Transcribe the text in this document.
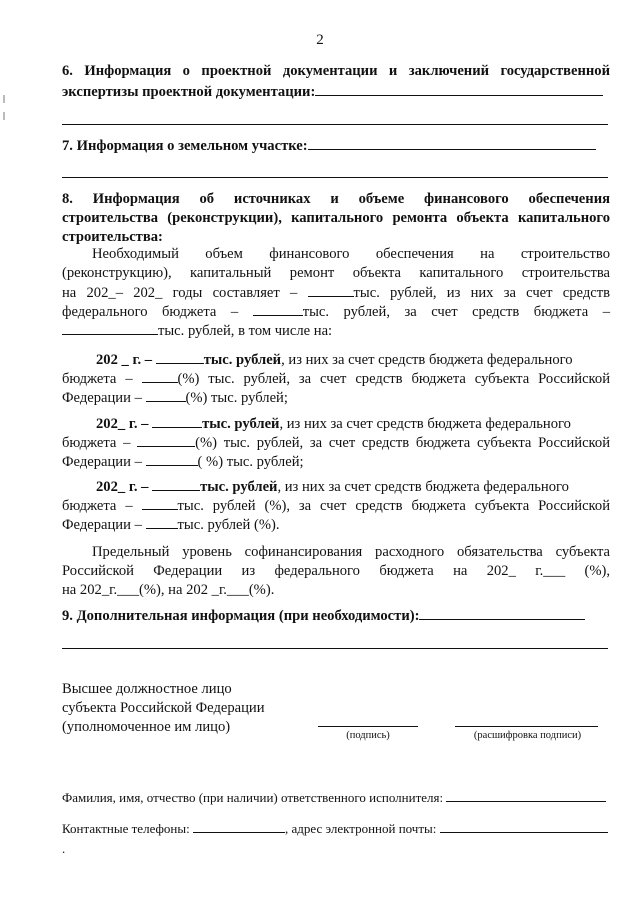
2
6. Информация о проектной документации и заключений государственной
экспертизы проектной документации:
7. Информация о земельном участке:
8. Информация об источниках и объеме финансового обеспечения
строительства (реконструкции), капитального ремонта объекта капитального
строительства:
Необходимый объем финансового обеспечения на строительство
(реконструкцию), капитальный ремонт объекта капитального строительства
на 202_– 202_ годы составляет –	тыс. рублей, из них за счет средств
федерального бюджета –	тыс. рублей, за счет средств бюджета –
тыс. рублей, в том числе на:
202 _ г. –	тыс. рублей, из них за счет средств бюджета федерального
бюджета –	(%) тыс. рублей, за счет средств бюджета субъекта Российской
Федерации –	(%) тыс. рублей;
202_ г. –	тыс. рублей, из них за счет средств бюджета федерального
бюджета –	(%) тыс. рублей, за счет средств бюджета субъекта Российской
Федерации –	( %) тыс. рублей;
202_ г. –	тыс. рублей, из них за счет средств бюджета федерального
бюджета –	тыс. рублей (%), за счет средств бюджета субъекта Российской
Федерации – тыс. рублей (%).
Предельный уровень софинансирования расходного обязательства субъекта
Российской Федерации из федерального бюджета на 202_ г.___ (%),
на 202_г.___(%), на 202 _г.___(%).
9. Дополнительная информация (при необходимости):
Высшее должностное лицо
субъекта Российской Федерации
(уполномоченное им лицо)
(подпись)	(расшифровка подписи)
Фамилия, имя, отчество (при наличии) ответственного исполнителя:
Контактные телефоны:	, адрес электронной почты: .
